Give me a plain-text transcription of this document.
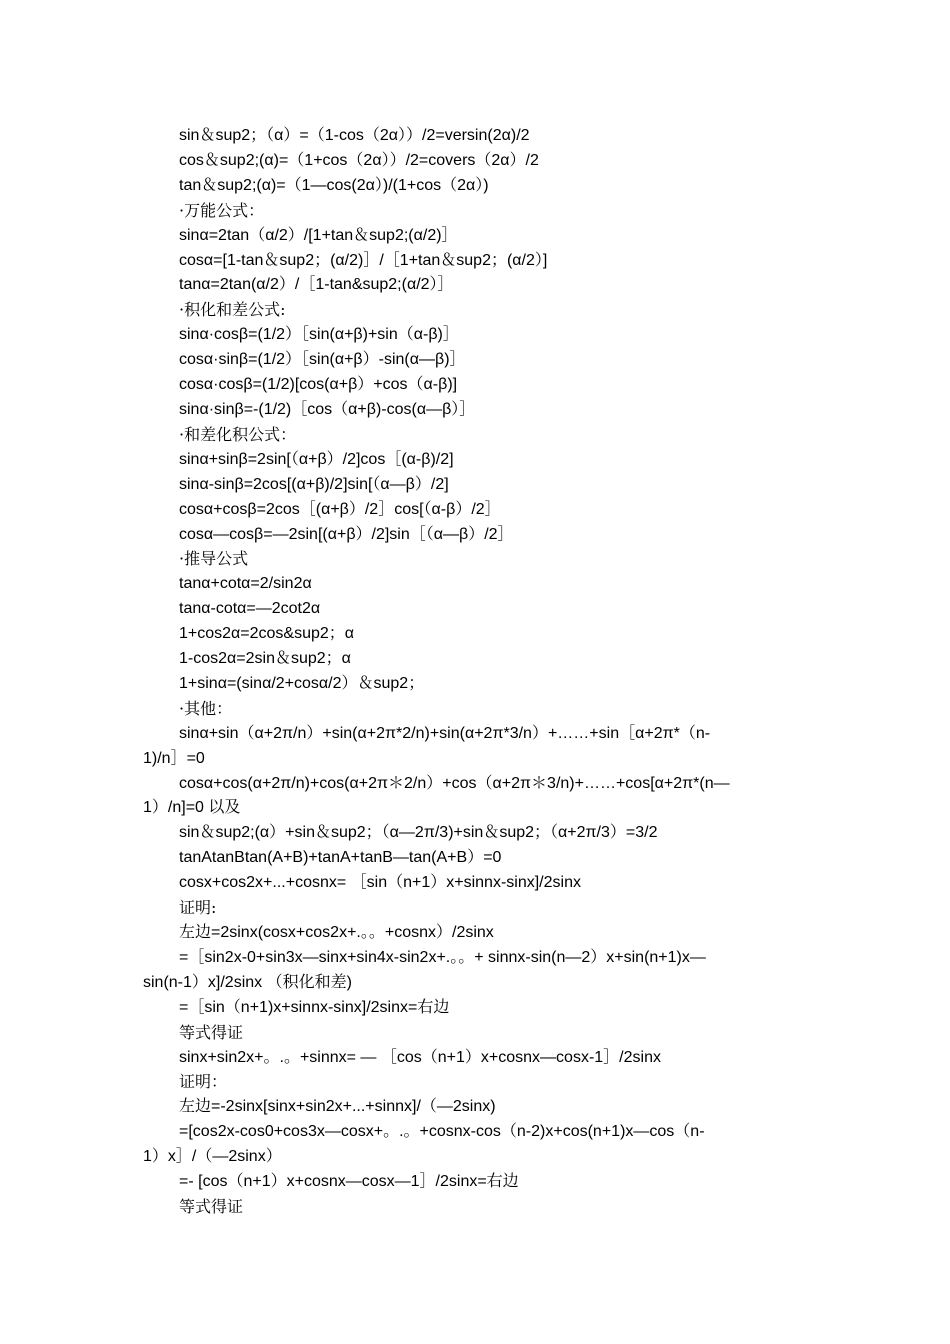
sin＆sup2；（α）=（1-cos（2α））/2=versin(2α)/2

cos＆sup2;(α)=（1+cos（2α））/2=covers（2α）/2

tan＆sup2;(α)=（1—cos(2α）)/(1+cos（2α）)

·万能公式：

sinα=2tan（α/2）/[1+tan＆sup2;(α/2)］

cosα=[1-tan＆sup2；(α/2)］/［1+tan＆sup2；(α/2）]

tanα=2tan(α/2）/［1-tan&sup2;(α/2）］

·积化和差公式:

sinα·cosβ=(1/2）［sin(α+β)+sin（α-β)］

cosα·sinβ=(1/2）［sin(α+β）-sin(α—β)］

cosα·cosβ=(1/2)[cos(α+β）+cos（α-β)]

sinα·sinβ=-(1/2)［cos（α+β)-cos(α—β）］

·和差化积公式：

sinα+sinβ=2sin[（α+β）/2]cos［(α-β)/2]

sinα-sinβ=2cos[(α+β)/2]sin[（α—β）/2]

cosα+cosβ=2cos［(α+β）/2］cos[（α-β）/2］

cosα—cosβ=—2sin[(α+β）/2]sin［（α—β）/2］

·推导公式

tanα+cotα=2/sin2α

tanα-cotα=—2cot2α

1+cos2α=2cos&sup2；α

1-cos2α=2sin＆sup2；α

1+sinα=(sinα/2+cosα/2）＆sup2；

·其他：

sinα+sin（α+2π/n）+sin(α+2π*2/n)+sin(α+2π*3/n）+……+sin［α+2π*（n-

1)/n］=0

cosα+cos(α+2π/n)+cos(α+2π＊2/n）+cos（α+2π＊3/n)+……+cos[α+2π*(n—

1）/n]=0 以及

sin＆sup2;(α）+sin＆sup2；（α—2π/3)+sin＆sup2；（α+2π/3）=3/2

tanAtanBtan(A+B)+tanA+tanB—tan(A+B）=0

cosx+cos2x+...+cosnx= ［sin（n+1）x+sinnx-sinx]/2sinx

证明:

左边=2sinx(cosx+cos2x+.。。+cosnx）/2sinx

=［sin2x-0+sin3x—sinx+sin4x-sin2x+.。。+ sinnx-sin(n—2）x+sin(n+1)x—

sin(n-1）x]/2sinx （积化和差)

=［sin（n+1)x+sinnx-sinx]/2sinx=右边

等式得证

sinx+sin2x+。.。+sinnx= — ［cos（n+1）x+cosnx—cosx-1］/2sinx

证明：

左边=-2sinx[sinx+sin2x+...+sinnx]/（—2sinx)

=[cos2x-cos0+cos3x—cosx+。.。+cosnx-cos（n-2)x+cos(n+1)x—cos（n-

1）x］/（—2sinx）

=- [cos（n+1）x+cosnx—cosx—1］/2sinx=右边

等式得证
